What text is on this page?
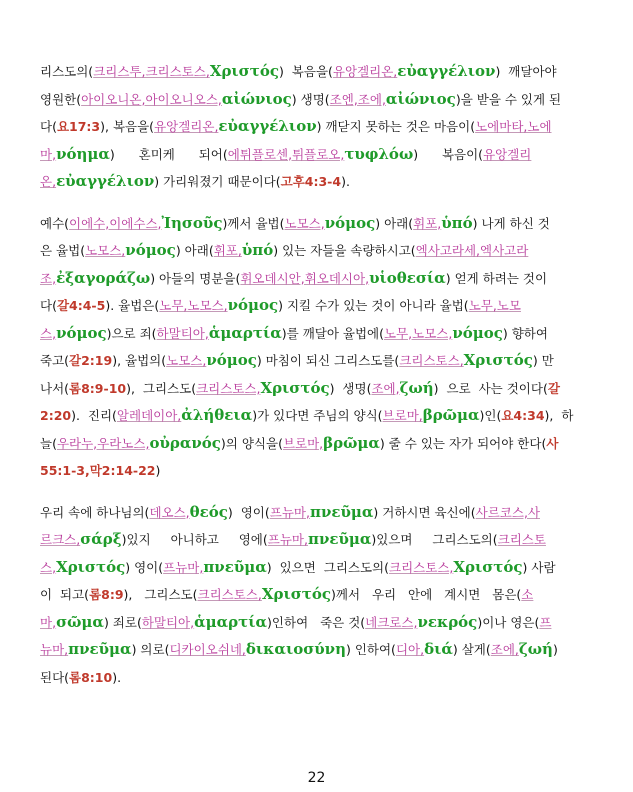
리스도의(크리스투,크리스토스,Χριστός)  복음을(유앙겔리온,εὐαγγέλιον)  깨달아야
영원한(아이오니온,아이오니오스,αἰώνιος) 생명(조엔,조에,αἰώνιος)을 받을 수 있게 된
다(요17:3), 복음을(유앙겔리온,εὐαγγέλιον) 깨닫지 못하는 것은 마음이(노에마타,노에
마,νόημα)      혼미케      되어(에튀플로센,튀플로오,τυφλόω)      복음이(유앙겔리
온,εὐαγγέλιον) 가리워졌기 때문이다(고후4:3-4).
예수(이에수,이에수스,Ἰησοῦς)께서 율법(노모스,νόμος) 아래(휘포,ὑπό) 나게 하신 것
은 율법(노모스,νόμος) 아래(휘포,ὑπό) 있는 자들을 속량하시고(엑사고라세,엑사고라
조,ἐξαγοράζω) 아들의 명분을(휘오데시안,휘오데시아,υἱοθεσία) 얻게 하려는 것이
다(갈4:4-5). 율법은(노무,노모스,νόμος) 지킬 수가 있는 것이 아니라 율법(노무,노모
스,νόμος)으로 죄(하말티아,ἁμαρτία)를 깨달아 율법에(노무,노모스,νόμος) 향하여
죽고(갈2:19), 율법의(노모스,νόμος) 마침이 되신 그리스도를(크리스토스,Χριστός) 만
나서(롬8:9-10),  그리스도(크리스토스,Χριστός)  생명(조에,ζωή)  으로  사는 것이다(갈
2:20).  진리(알레데이아,ἀλήθεια)가 있다면 주님의 양식(브로마,βρῶμα)인(요4:34),  하
늘(우라누,우라노스,οὐρανός)의 양식을(브로마,βρῶμα) 줄 수 있는 자가 되어야 한다(사
55:1-3,막2:14-22)
우리 속에 하나님의(데오스,θεός)  영이(프뉴마,πνεῦμα) 거하시면 육신에(사르코스,사
르크스,σάρξ)있지     아니하고     영에(프뉴마,πνεῦμα)있으며     그리스도의(크리스토
스,Χριστός) 영이(프뉴마,πνεῦμα)  있으면  그리스도의(크리스토스,Χριστός) 사람
이  되고(롬8:9),   그리스도(크리스토스,Χριστός)께서   우리   안에   계시면   몸은(소
마,σῶμα) 죄로(하말티아,ἁμαρτία)인하여   죽은 것(네크로스,νεκρός)이나 영은(프
뉴마,πνεῦμα) 의로(디카이오쉬네,δικαιοσύνη) 인하여(디아,διά) 살게(조에,ζωή)
된다(롬8:10).
22
